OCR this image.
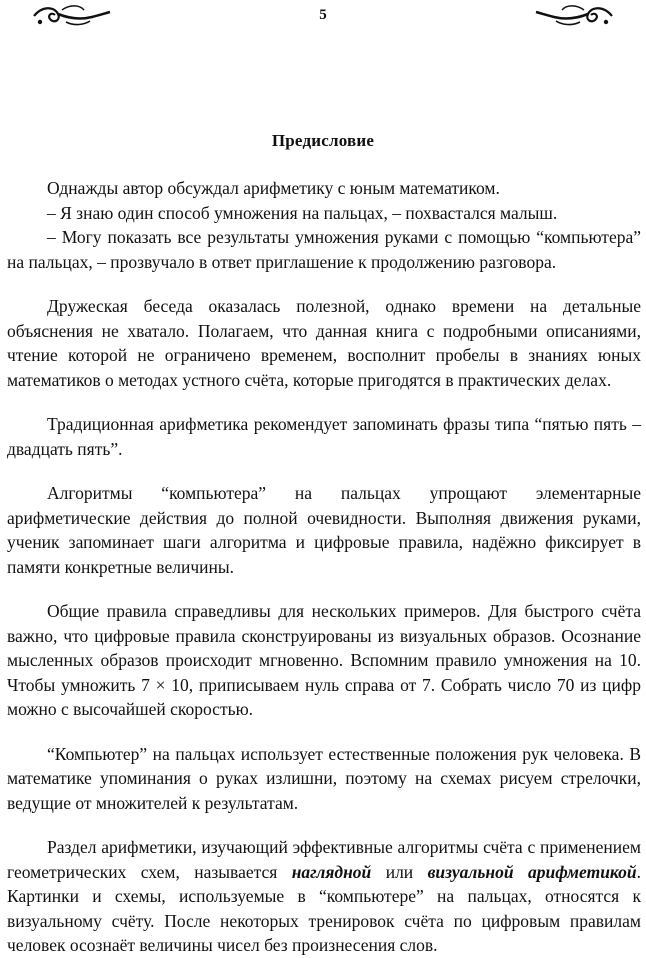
5
Предисловие

Однажды автор обсуждал арифметику с юным математиком.

– Я знаю один способ умножения на пальцах, – похвастался малыш.

– Могу показать все результаты умножения руками с помощью “компьютера” на пальцах, – прозвучало в ответ приглашение к продолжению разговора.

Дружеская беседа оказалась полезной, однако времени на детальные объяснения не хватало. Полагаем, что данная книга с подробными описаниями, чтение которой не ограничено временем, восполнит пробелы в знаниях юных математиков о методах устного счёта, которые пригодятся в практических делах.

Традиционная арифметика рекомендует запоминать фразы типа “пятью пять – двадцать пять”.

Алгоритмы “компьютера” на пальцах упрощают элементарные арифметические действия до полной очевидности. Выполняя движения руками, ученик запоминает шаги алгоритма и цифровые правила, надёжно фиксирует в памяти конкретные величины.

Общие правила справедливы для нескольких примеров. Для быстрого счёта важно, что цифровые правила сконструированы из визуальных образов. Осознание мысленных образов происходит мгновенно. Вспомним правило умножения на 10. Чтобы умножить 7 × 10, приписываем нуль справа от 7. Собрать число 70 из цифр можно с высочайшей скоростью.

“Компьютер” на пальцах использует естественные положения рук человека. В математике упоминания о руках излишни, поэтому на схемах рисуем стрелочки, ведущие от множителей к результатам.

Раздел арифметики, изучающий эффективные алгоритмы счёта с применением геометрических схем, называется наглядной или визуальной арифметикой. Картинки и схемы, используемые в “компьютере” на пальцах, относятся к визуальному счёту. После некоторых тренировок счёта по цифровым правилам человек осознаёт величины чисел без произнесения слов.
